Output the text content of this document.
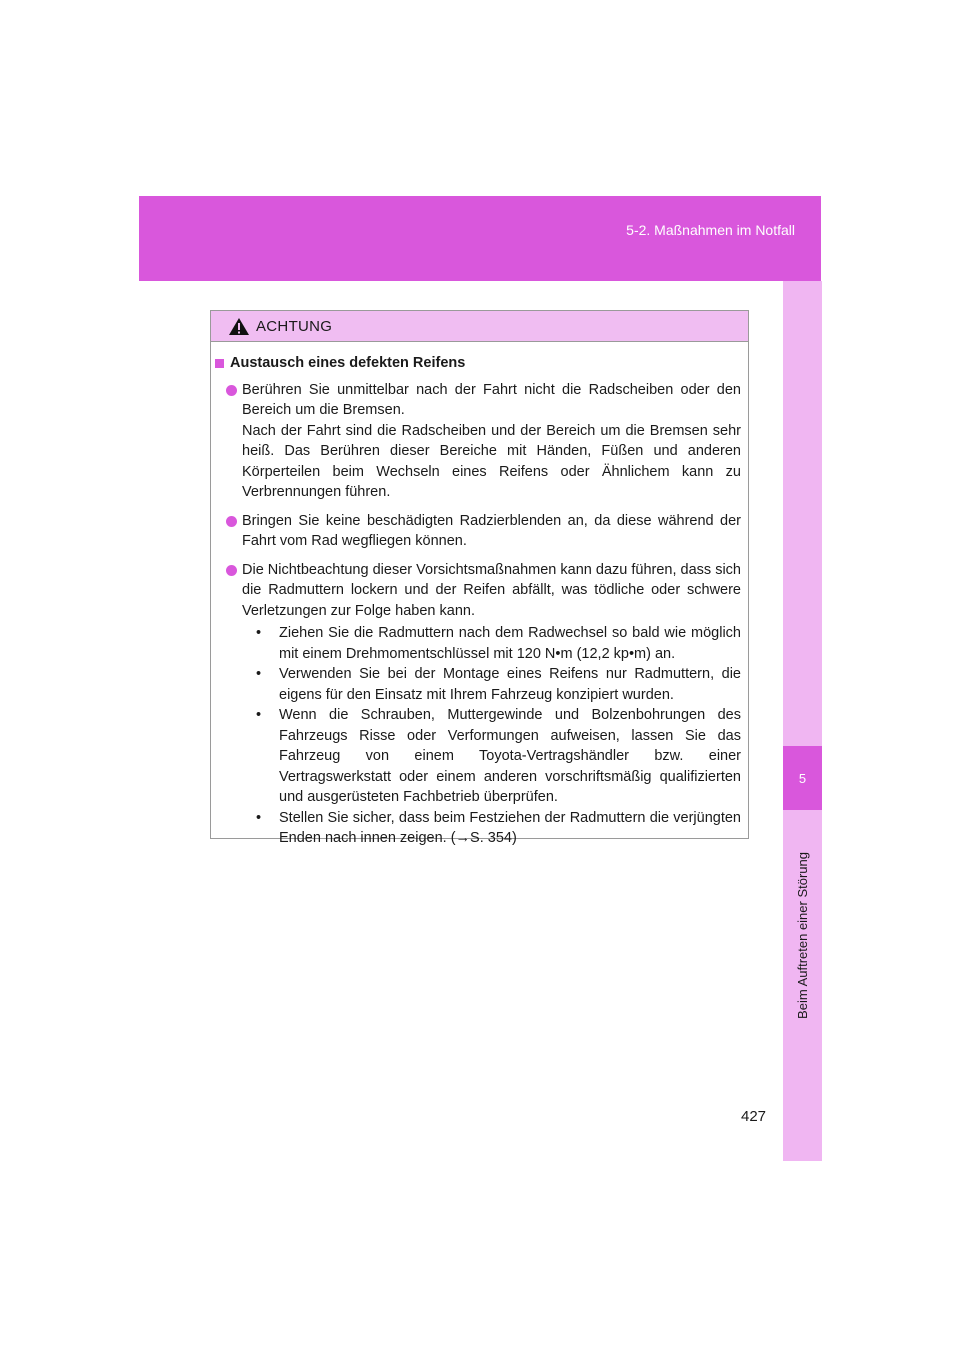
5-2. Maßnahmen im Notfall
5
Beim Auftreten einer Störung
ACHTUNG
Austausch eines defekten Reifens

Berühren Sie unmittelbar nach der Fahrt nicht die Radscheiben oder den Bereich um die Bremsen.

Nach der Fahrt sind die Radscheiben und der Bereich um die Bremsen sehr heiß. Das Berühren dieser Bereiche mit Händen, Füßen und anderen Körperteilen beim Wechseln eines Reifens oder Ähnlichem kann zu Verbrennungen führen.

Bringen Sie keine beschädigten Radzierblenden an, da diese während der Fahrt vom Rad wegfliegen können.

Die Nichtbeachtung dieser Vorsichtsmaßnahmen kann dazu führen, dass sich die Radmuttern lockern und der Reifen abfällt, was tödliche oder schwere Verletzungen zur Folge haben kann.

• Ziehen Sie die Radmuttern nach dem Radwechsel so bald wie möglich mit einem Drehmomentschlüssel mit 120 N•m (12,2 kp•m) an.
• Verwenden Sie bei der Montage eines Reifens nur Radmuttern, die eigens für den Einsatz mit Ihrem Fahrzeug konzipiert wurden.
• Wenn die Schrauben, Muttergewinde und Bolzenbohrungen des Fahrzeugs Risse oder Verformungen aufweisen, lassen Sie das Fahrzeug von einem Toyota-Vertragshändler bzw. einer Vertragswerkstatt oder einem anderen vorschriftsmäßig qualifizierten und ausgerüsteten Fachbetrieb überprüfen.
• Stellen Sie sicher, dass beim Festziehen der Radmuttern die verjüngten Enden nach innen zeigen. (→S. 354)
427
